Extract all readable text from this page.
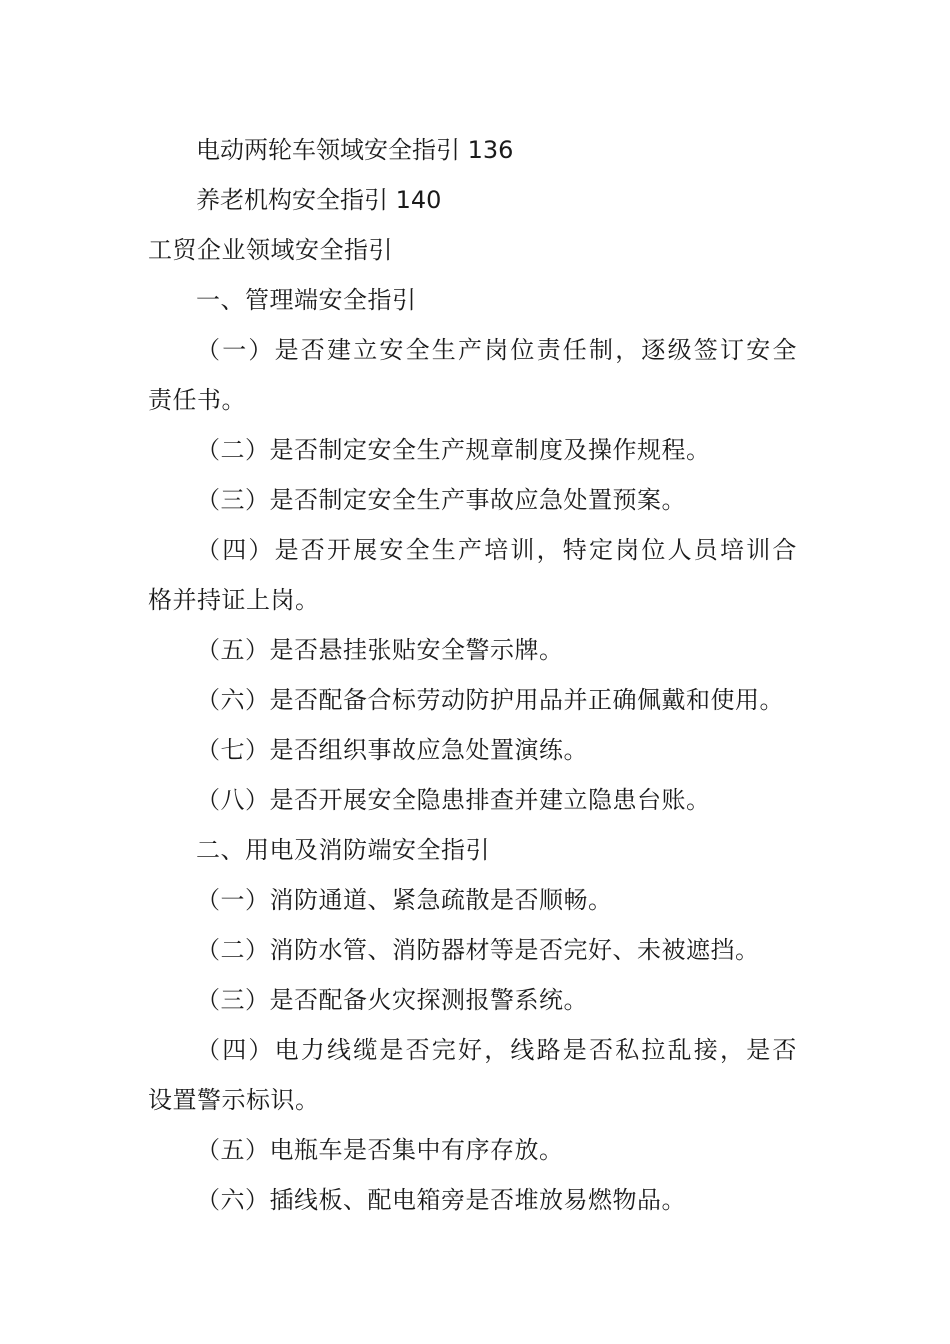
电动两轮车领域安全指引 136
养老机构安全指引 140
工贸企业领域安全指引
一、管理端安全指引
（一）是否建立安全生产岗位责任制，逐级签订安全
责任书。
（二）是否制定安全生产规章制度及操作规程。
（三）是否制定安全生产事故应急处置预案。
（四）是否开展安全生产培训，特定岗位人员培训合
格并持证上岗。
（五）是否悬挂张贴安全警示牌。
（六）是否配备合标劳动防护用品并正确佩戴和使用。
（七）是否组织事故应急处置演练。
（八）是否开展安全隐患排查并建立隐患台账。
二、用电及消防端安全指引
（一）消防通道、紧急疏散是否顺畅。
（二）消防水管、消防器材等是否完好、未被遮挡。
（三）是否配备火灾探测报警系统。
（四）电力线缆是否完好，线路是否私拉乱接，是否
设置警示标识。
（五）电瓶车是否集中有序存放。
（六）插线板、配电箱旁是否堆放易燃物品。
